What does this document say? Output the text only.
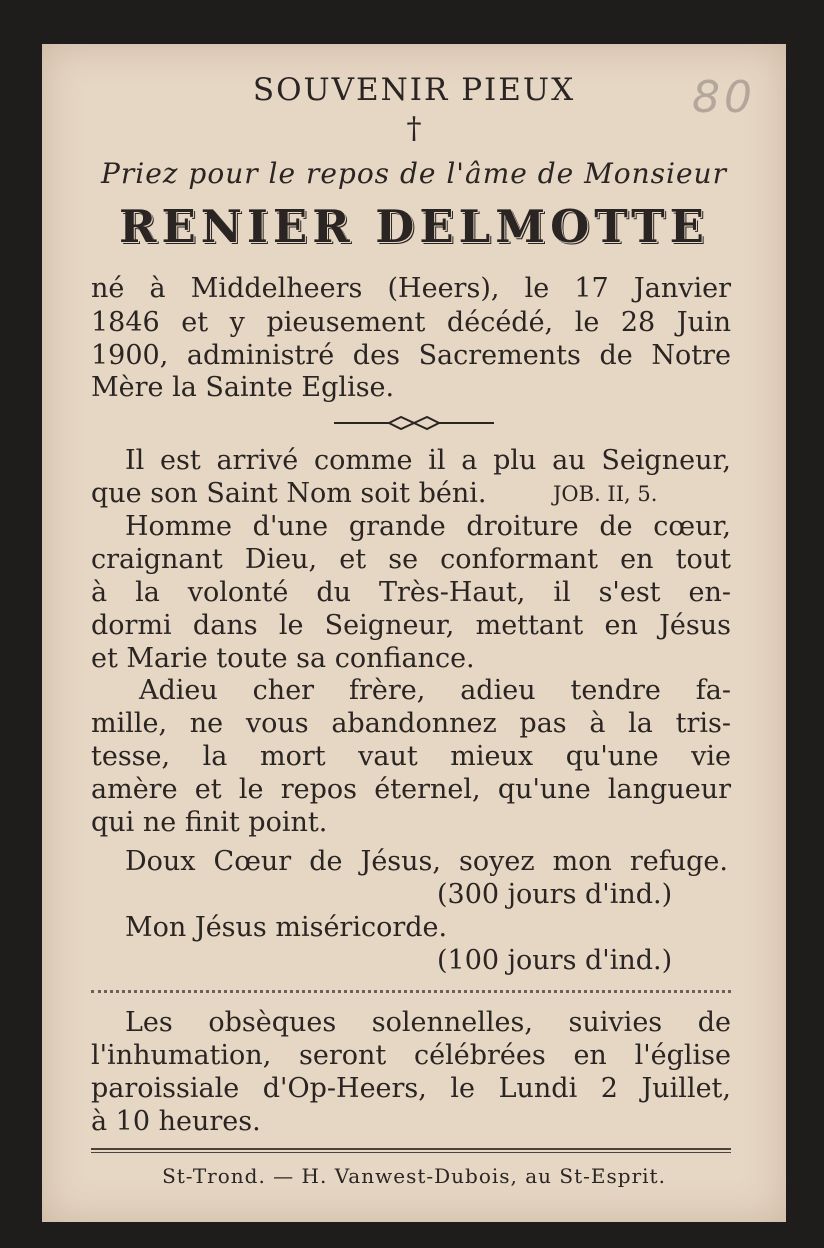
80
SOUVENIR PIEUX
†
Priez pour le repos de l'âme de Monsieur
RENIER DELMOTTE
né à Middelheers (Heers), le 17 Janvier
1846 et y pieusement décédé, le 28 Juin
1900, administré des Sacrements de Notre
Mère la Sainte Eglise.
Il est arrivé comme il a plu au Seigneur,
que son Saint Nom soit béni.	JOB. II, 5.
Homme d'une grande droiture de cœur,
craignant Dieu, et se conformant en tout
à la volonté du Très-Haut, il s'est en-
dormi dans le Seigneur, mettant en Jésus
et Marie toute sa confiance.
Adieu cher frère, adieu tendre fa-
mille, ne vous abandonnez pas à la tris-
tesse, la mort vaut mieux qu'une vie
amère et le repos éternel, qu'une langueur
qui ne finit point.
Doux Cœur de Jésus, soyez mon refuge.
(300 jours d'ind.)
Mon Jésus miséricorde.
(100 jours d'ind.)
Les obsèques solennelles, suivies de
l'inhumation, seront célébrées en l'église
paroissiale d'Op-Heers, le Lundi 2 Juillet,
à 10 heures.
St-Trond. — H. Vanwest-Dubois, au St-Esprit.
